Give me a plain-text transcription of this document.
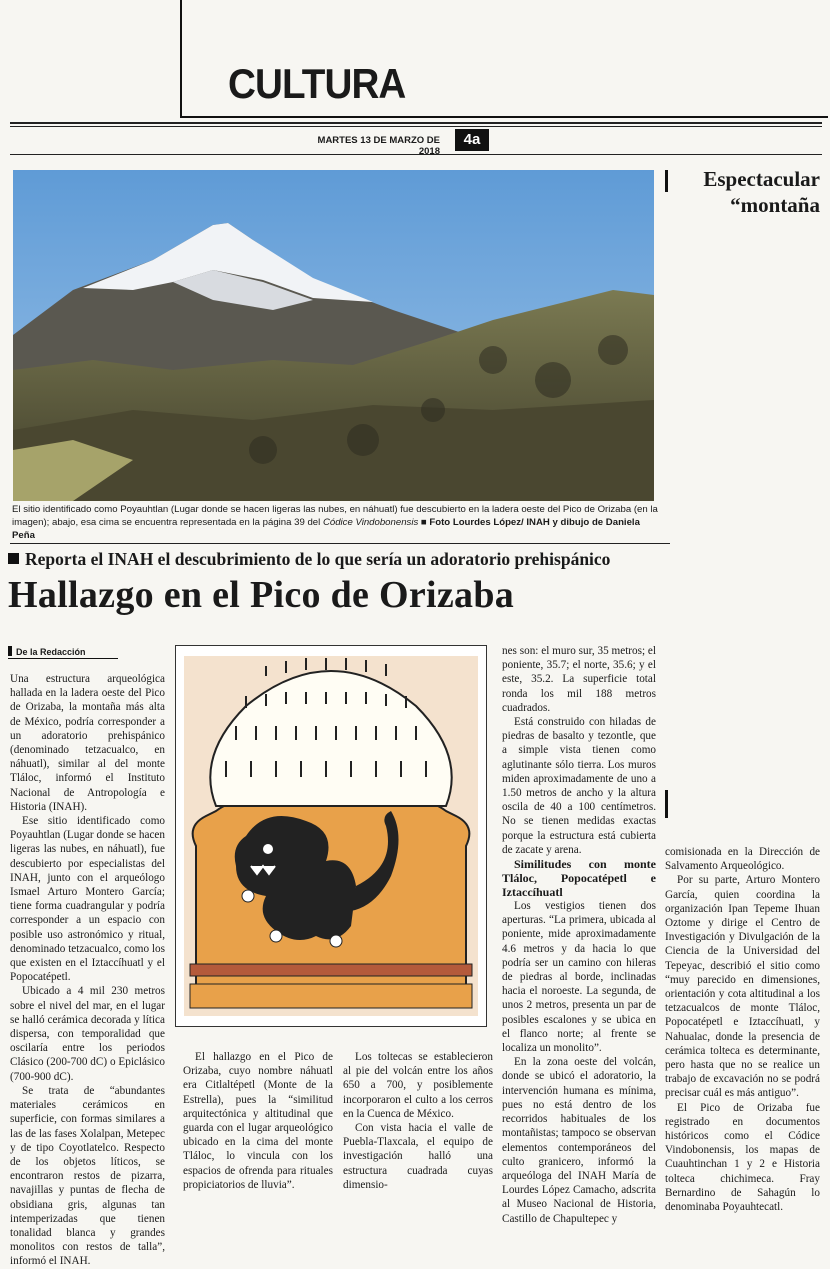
CULTURA
MARTES 13 DE MARZO DE 2018
4a
El sitio identificado como Poyauhtlan (Lugar donde se hacen ligeras las nubes, en náhuatl) fue descubierto en la ladera oeste del Pico de Orizaba (en la imagen); abajo, esa cima se encuentra representada en la página 39 del Códice Vindobonensis ■ Foto Lourdes López/ INAH y dibujo de Daniela Peña
Espectacular
“montaña
Reporta el INAH el descubrimiento de lo que sería un adoratorio prehispánico
Hallazgo en el Pico de Orizaba
De la Redacción

Una estructura arqueológica hallada en la ladera oeste del Pico de Orizaba, la montaña más alta de México, podría corresponder a un adoratorio prehispánico (denominado tetzacualco, en náhuatl), similar al del monte Tláloc, informó el Instituto Nacional de Antropología e Historia (INAH).

Ese sitio identificado como Poyauhtlan (Lugar donde se hacen ligeras las nubes, en náhuatl), fue descubierto por especialistas del INAH, junto con el arqueólogo Ismael Arturo Montero García; tiene forma cuadrangular y podría corresponder a un espacio con posible uso astronómico y ritual, denominado tetzacualco, como los que existen en el Iztaccíhuatl y el Popocatépetl.

Ubicado a 4 mil 230 metros sobre el nivel del mar, en el lugar se halló cerámica decorada y lítica dispersa, con temporalidad que oscilaría entre los periodos Clásico (200-700 dC) o Epiclásico (700-900 dC).

Se trata de “abundantes materiales cerámicos en superficie, con formas similares a las de las fases Xolalpan, Metepec y de tipo Coyotlatelco. Respecto de los objetos líticos, se encontraron restos de pizarra, navajillas y puntas de flecha de obsidiana gris, algunas tan intemperizadas que tienen tonalidad blanca y grandes monolitos con restos de talla”, informó el INAH.

El hallazgo en el Pico de Orizaba, cuyo nombre náhuatl era Citlaltépetl (Monte de la Estrella), pues la “similitud arquitectónica y altitudinal que guarda con el lugar arqueológico ubicado en la cima del monte Tláloc, lo vincula con los espacios de ofrenda para rituales propiciatorios de lluvia”.

Los toltecas se establecieron al pie del volcán entre los años 650 a 700, y posiblemente incorporaron el culto a los cerros en la Cuenca de México.

Con vista hacia el valle de Puebla-Tlaxcala, el equipo de investigación halló una estructura cuadrada cuyas dimensio-

nes son: el muro sur, 35 metros; el poniente, 35.7; el norte, 35.6; y el este, 35.2. La superficie total ronda los mil 188 metros cuadrados.

Está construido con hiladas de piedras de basalto y tezontle, que a simple vista tienen como aglutinante sólo tierra. Los muros miden aproximadamente de uno a 1.50 metros de ancho y la altura oscila de 40 a 100 centímetros. No se tienen medidas exactas porque la estructura está cubierta de zacate y arena.

Similitudes con monte Tláloc, Popocatépetl e Iztaccíhuatl

Los vestigios tienen dos aperturas. “La primera, ubicada al poniente, mide aproximadamente 4.6 metros y da hacia lo que podría ser un camino con hileras de piedras al borde, inclinadas hacia el noroeste. La segunda, de unos 2 metros, presenta un par de posibles escalones y se ubica en el flanco norte; al frente se localiza un monolito”.

En la zona oeste del volcán, donde se ubicó el adoratorio, la intervención humana es mínima, pues no está dentro de los recorridos habituales de los montañistas; tampoco se observan elementos contemporáneos del culto granicero, informó la arqueóloga del INAH María de Lourdes López Camacho, adscrita al Museo Nacional de Historia, Castillo de Chapultepec y

comisionada en la Dirección de Salvamento Arqueológico.

Por su parte, Arturo Montero García, quien coordina la organización Ipan Tepeme Ihuan Oztome y dirige el Centro de Investigación y Divulgación de la Ciencia de la Universidad del Tepeyac, describió el sitio como “muy parecido en dimensiones, orientación y cota altitudinal a los tetzacualcos de monte Tláloc, Popocatépetl e Iztaccíhuatl, y Nahualac, donde la presencia de cerámica tolteca es determinante, pero hasta que no se realice un trabajo de excavación no se podrá precisar cuál es más antiguo”.

El Pico de Orizaba fue registrado en documentos históricos como el Códice Vindobonensis, los mapas de Cuauhtinchan 1 y 2 e Historia tolteca chichimeca. Fray Bernardino de Sahagún lo denominaba Poyauhtecatl.
